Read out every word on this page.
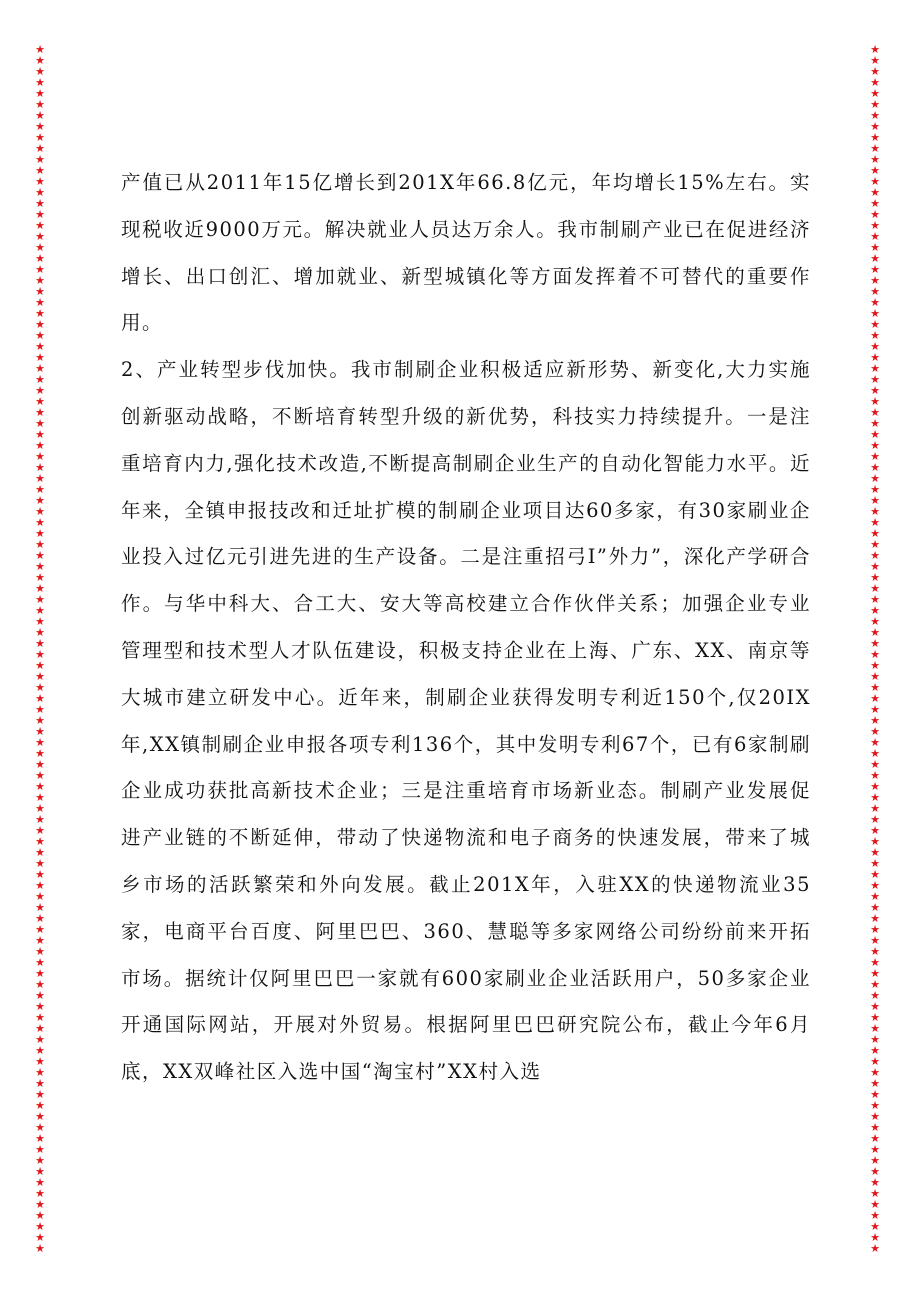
★
★
★
★
★
★
★
★
★
★
★
★
★
★
★
★
★
★
★
★
★
★
★
★
★
★
★
★
★
★
★
★
★
★
★
★
★
★
★
★
★
★
★
★
★
★
★
★
★
★
★
★
★
★
★
★
★
★
★
★
★
★
★
★
★
★
★
★
★
★
★
★
★
★
★
★
★
★
★
★
★
★
★
★
★
★
★
★
★
★
★
★
★
★
★
★
★
★
★
★
★
★
★
★
★
★
★
★
★
★
★
★
★
★
★
★
★
★
★
★
★
★
★
★
★
★
★
★
★
★
★
★
★
★
★
★
★
★
★
★
★
★
★
★
★
★
★
★
★
★
★
★
★
★
★
★
★
★
★
★
★
★
★
★
★
★
★
★
★
★
★
★
★
★
★
★
★
★
★
★
★
★
★
★
★
★
★
★
★
★
★
★
★
★
★
★
★
★
★
★
★
★
★
★
★
★
★
★
★
★
★
★
★
★
★
★
★
★
★
★

产值已从2011年15亿增长到201X年66.8亿元，年均增长15%左右。实现税收近9000万元。解决就业人员达万余人。我市制刷产业已在促进经济增长、出口创汇、增加就业、新型城镇化等方面发挥着不可替代的重要作用。

2、产业转型步伐加快。我市制刷企业积极适应新形势、新变化,大力实施创新驱动战略，不断培育转型升级的新优势，科技实力持续提升。一是注重培育内力,强化技术改造,不断提高制刷企业生产的自动化智能力水平。近年来，全镇申报技改和迁址扩模的制刷企业项目达60多家，有30家刷业企业投入过亿元引进先进的生产设备。二是注重招弓I”外力”，深化产学研合作。与华中科大、合工大、安大等高校建立合作伙伴关系；加强企业专业管理型和技术型人才队伍建设，积极支持企业在上海、广东、XX、南京等大城市建立研发中心。近年来，制刷企业获得发明专利近150个,仅20IX年,XX镇制刷企业申报各项专利136个，其中发明专利67个，已有6家制刷企业成功获批高新技术企业；三是注重培育市场新业态。制刷产业发展促进产业链的不断延伸，带动了快递物流和电子商务的快速发展，带来了城乡市场的活跃繁荣和外向发展。截止201X年，入驻XX的快递物流业35家，电商平台百度、阿里巴巴、360、慧聪等多家网络公司纷纷前来开拓市场。据统计仅阿里巴巴一家就有600家刷业企业活跃用户，50多家企业开通国际网站，开展对外贸易。根据阿里巴巴研究院公布，截止今年6月底，XX双峰社区入选中国“淘宝村”XX村入选
